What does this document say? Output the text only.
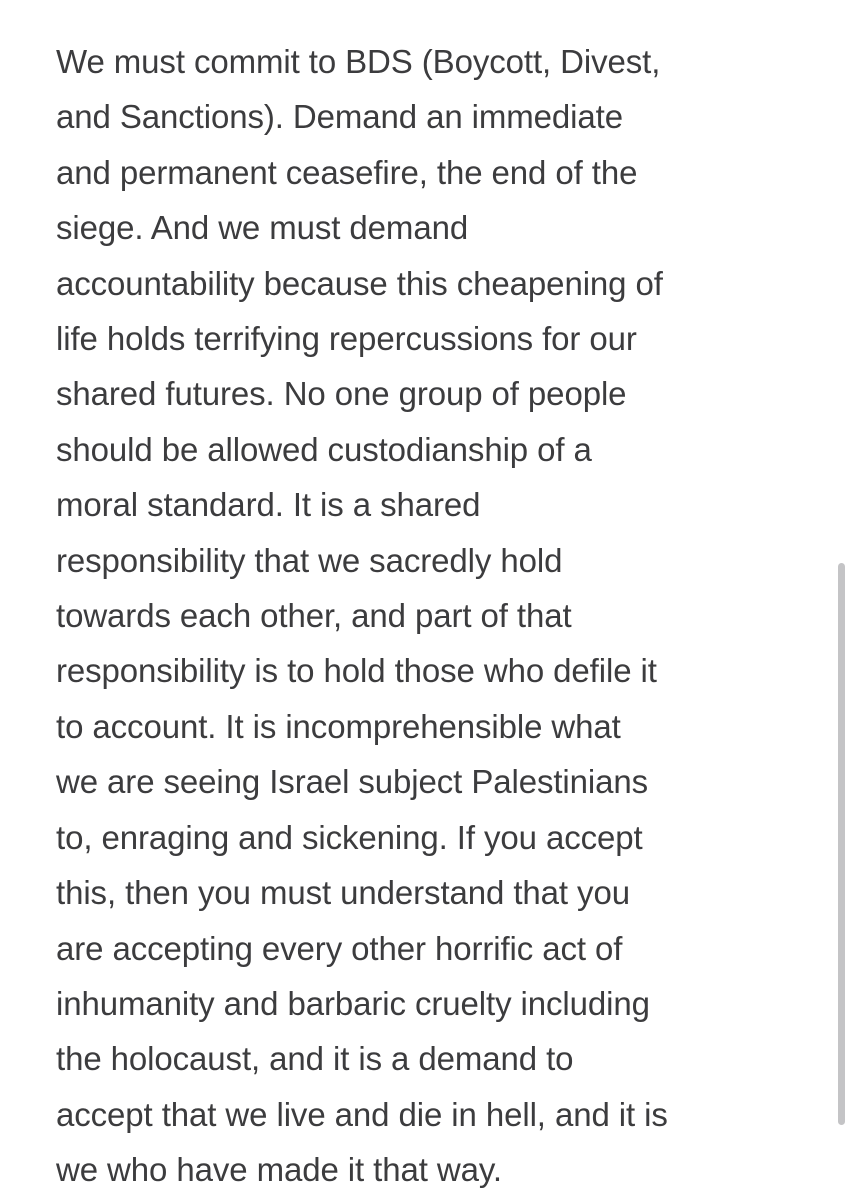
We must commit to BDS (Boycott, Divest,
and Sanctions). Demand an immediate
and permanent ceasefire, the end of the
siege. And we must demand
accountability because this cheapening of
life holds terrifying repercussions for our
shared futures. No one group of people
should be allowed custodianship of a
moral standard. It is a shared
responsibility that we sacredly hold
towards each other, and part of that
responsibility is to hold those who defile it
to account. It is incomprehensible what
we are seeing Israel subject Palestinians
to, enraging and sickening. If you accept
this, then you must understand that you
are accepting every other horrific act of
inhumanity and barbaric cruelty including
the holocaust, and it is a demand to
accept that we live and die in hell, and it is
we who have made it that way.
